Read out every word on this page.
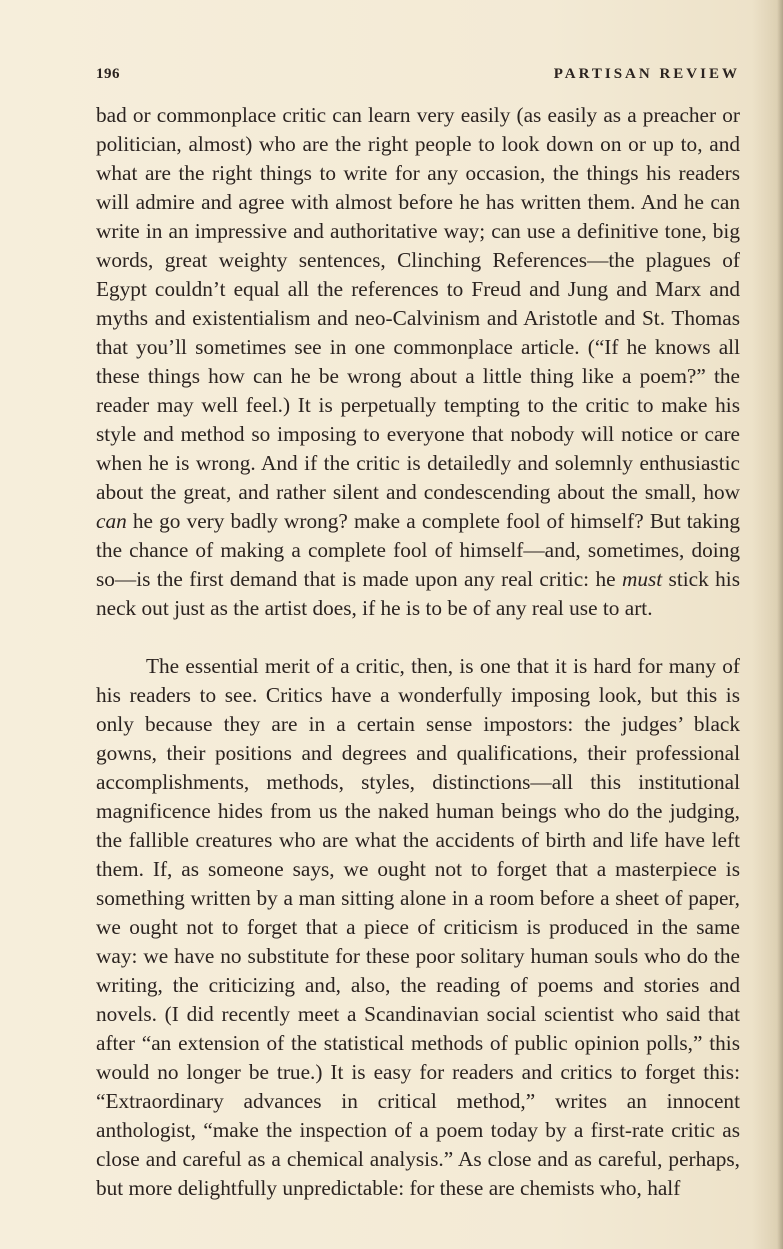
196	PARTISAN REVIEW

bad or commonplace critic can learn very easily (as easily as a preacher or politician, almost) who are the right people to look down on or up to, and what are the right things to write for any occasion, the things his readers will admire and agree with almost before he has written them. And he can write in an impressive and authoritative way; can use a definitive tone, big words, great weighty sentences, Clinching References—the plagues of Egypt couldn’t equal all the references to Freud and Jung and Marx and myths and existentialism and neo-Calvinism and Aristotle and St. Thomas that you’ll sometimes see in one commonplace article. (“If he knows all these things how can he be wrong about a little thing like a poem?” the reader may well feel.) It is perpetually tempting to the critic to make his style and method so imposing to everyone that nobody will notice or care when he is wrong. And if the critic is detailedly and solemnly enthusiastic about the great, and rather silent and condescending about the small, how can he go very badly wrong? make a complete fool of himself? But taking the chance of making a complete fool of himself—and, sometimes, doing so—is the first demand that is made upon any real critic: he must stick his neck out just as the artist does, if he is to be of any real use to art.

The essential merit of a critic, then, is one that it is hard for many of his readers to see. Critics have a wonderfully imposing look, but this is only because they are in a certain sense impostors: the judges’ black gowns, their positions and degrees and qualifications, their professional accomplishments, methods, styles, distinctions—all this institutional magnificence hides from us the naked human beings who do the judging, the fallible creatures who are what the accidents of birth and life have left them. If, as someone says, we ought not to forget that a masterpiece is something written by a man sitting alone in a room before a sheet of paper, we ought not to forget that a piece of criticism is produced in the same way: we have no substitute for these poor solitary human souls who do the writing, the criticizing and, also, the reading of poems and stories and novels. (I did recently meet a Scandinavian social scientist who said that after “an extension of the statistical methods of public opinion polls,” this would no longer be true.) It is easy for readers and critics to forget this: “Extraordinary advances in critical method,” writes an innocent anthologist, “make the inspection of a poem today by a first-rate critic as close and careful as a chemical analysis.” As close and as careful, perhaps, but more delightfully unpredictable: for these are chemists who, half
